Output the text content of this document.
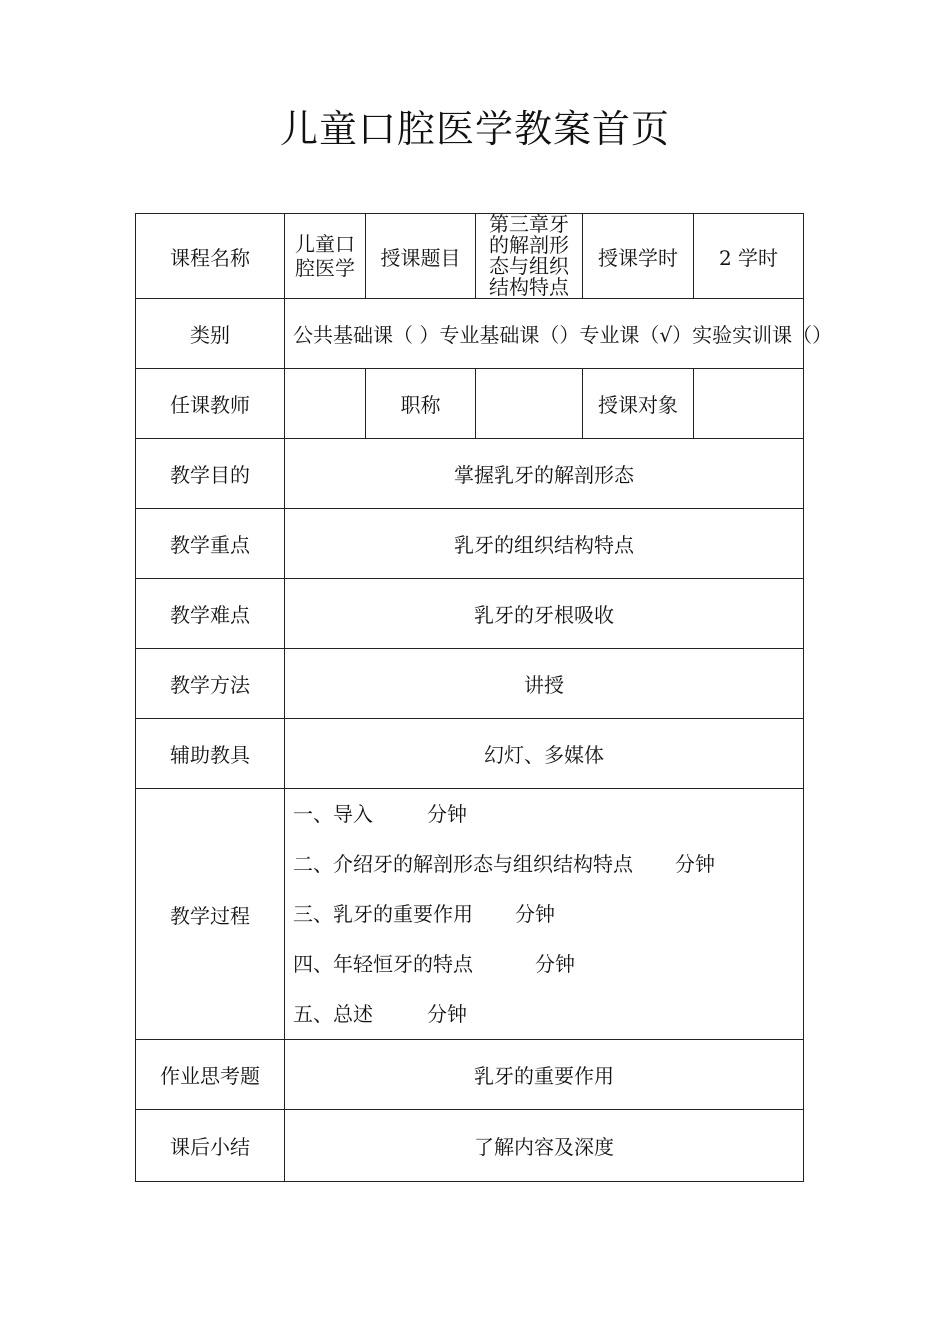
儿童口腔医学教案首页
课程名称	儿童口腔医学	授课题目	第三章牙的解剖形态与组织结构特点	授课学时	2 学时
类别	公共基础课（ ）专业基础课（）专业课（√）实验实训课（）				
任课教师		职称		授课对象	
教学目的	掌握乳牙的解剖形态				
教学重点	乳牙的组织结构特点				
教学难点	乳牙的牙根吸收				
教学方法	讲授				
辅助教具	幻灯、多媒体				
教学过程	一、导入 分钟
二、介绍牙的解剖形态与组织结构特点 分钟
三、乳牙的重要作用 分钟
四、年轻恒牙的特点 分钟
五、总述 分钟				

作业思考题	乳牙的重要作用				
课后小结	了解内容及深度				
